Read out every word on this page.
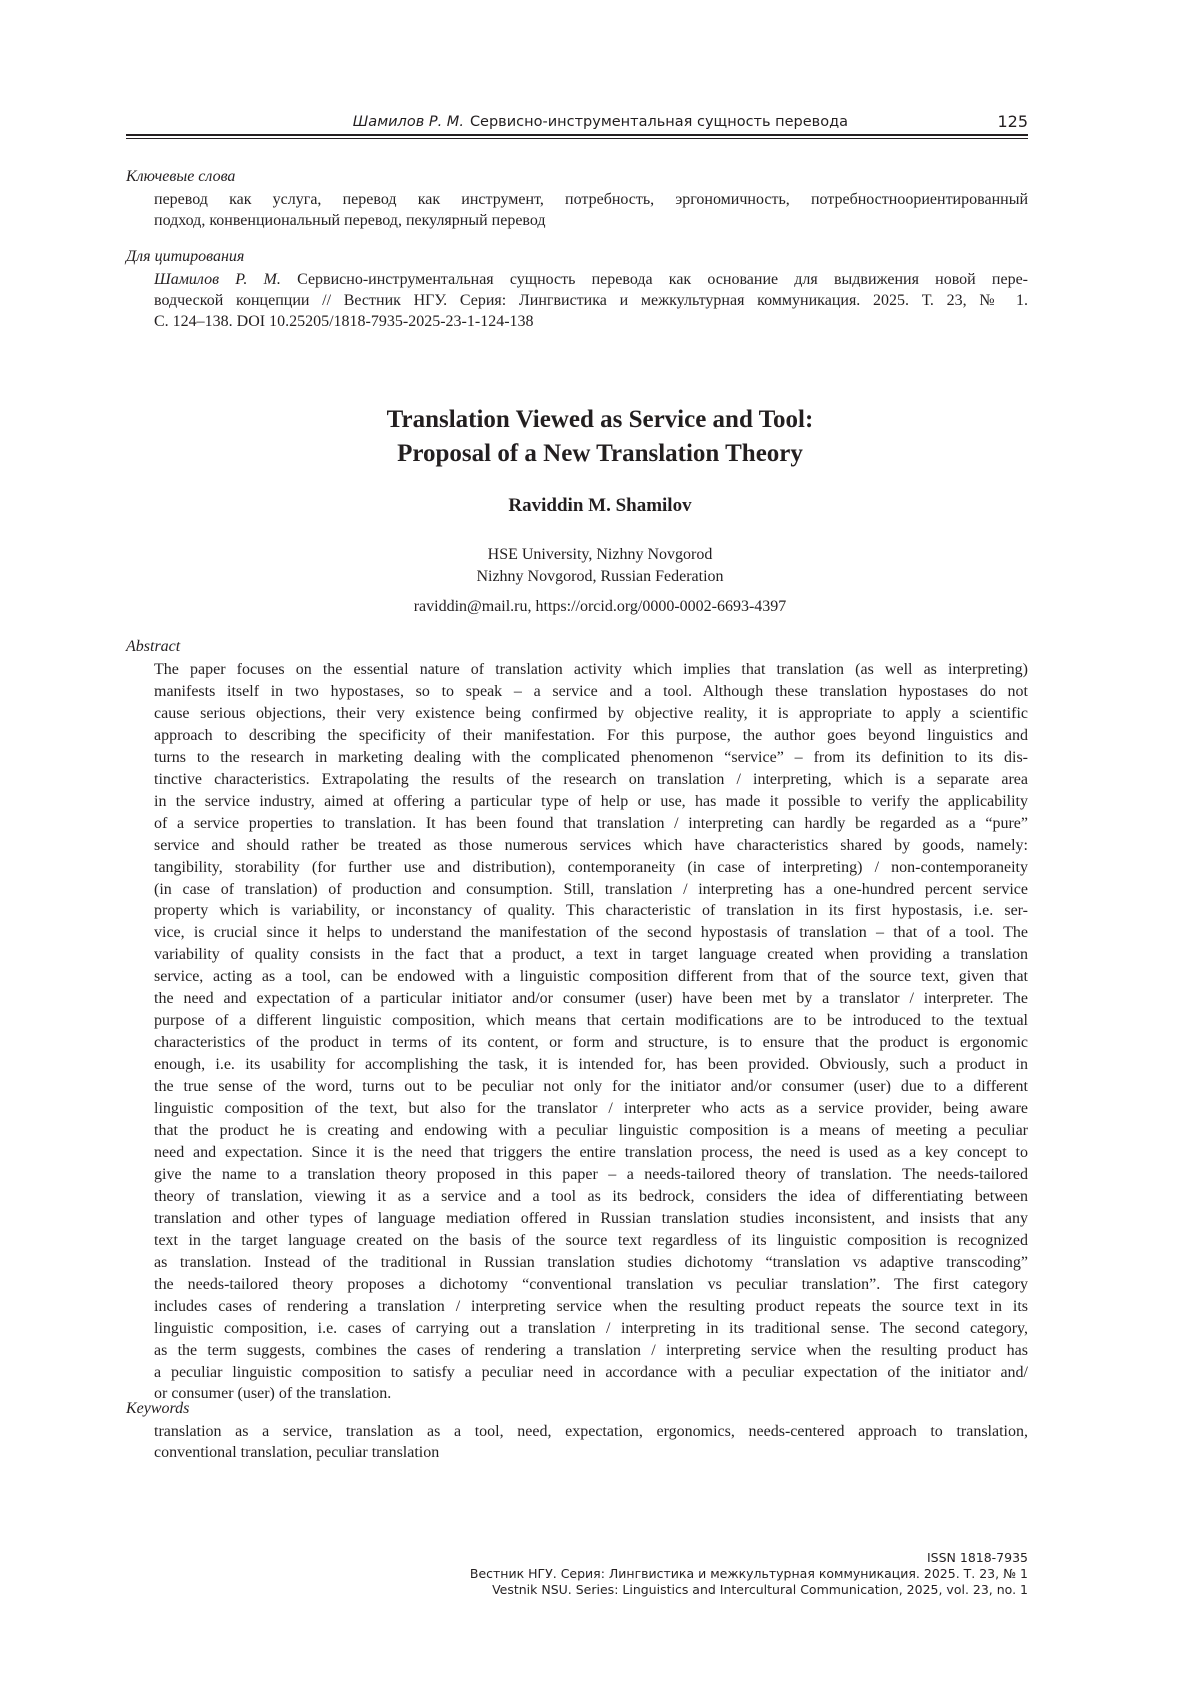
Шамилов Р. М. Сервисно-инструментальная сущность перевода	125
Ключевые слова
перевод как услуга, перевод как инструмент, потребность, эргономичность, потребностноориентированный
подход, конвенциональный перевод, пекулярный перевод
Для цитирования
Шамилов Р. М. Сервисно-инструментальная сущность перевода как основание для выдвижения новой пере-
водческой концепции // Вестник НГУ. Серия: Лингвистика и межкультурная коммуникация. 2025. Т. 23, № 1.
С. 124–138. DOI 10.25205/1818-7935-2025-23-1-124-138
Translation Viewed as Service and Tool:
Proposal of a New Translation Theory
Raviddin M. Shamilov
HSE University, Nizhny Novgorod
Nizhny Novgorod, Russian Federation
raviddin@mail.ru, https://orcid.org/0000-0002-6693-4397
Abstract
The paper focuses on the essential nature of translation activity which implies that translation (as well as interpreting)
manifests itself in two hypostases, so to speak – a service and a tool. Although these translation hypostases do not
cause serious objections, their very existence being confirmed by objective reality, it is appropriate to apply a scientific
approach to describing the specificity of their manifestation. For this purpose, the author goes beyond linguistics and
turns to the research in marketing dealing with the complicated phenomenon “service” – from its definition to its dis-
tinctive characteristics. Extrapolating the results of the research on translation / interpreting, which is a separate area
in the service industry, aimed at offering a particular type of help or use, has made it possible to verify the applicability
of a service properties to translation. It has been found that translation / interpreting can hardly be regarded as a “pure”
service and should rather be treated as those numerous services which have characteristics shared by goods, namely:
tangibility, storability (for further use and distribution), contemporaneity (in case of interpreting) / non-contemporaneity
(in case of translation) of production and consumption. Still, translation / interpreting has a one-hundred percent service
property which is variability, or inconstancy of quality. This characteristic of translation in its first hypostasis, i.e. ser-
vice, is crucial since it helps to understand the manifestation of the second hypostasis of translation – that of a tool. The
variability of quality consists in the fact that a product, a text in target language created when providing a translation
service, acting as a tool, can be endowed with a linguistic composition different from that of the source text, given that
the need and expectation of a particular initiator and/or consumer (user) have been met by a translator / interpreter. The
purpose of a different linguistic composition, which means that certain modifications are to be introduced to the textual
characteristics of the product in terms of its content, or form and structure, is to ensure that the product is ergonomic
enough, i.e. its usability for accomplishing the task, it is intended for, has been provided. Obviously, such a product in
the true sense of the word, turns out to be peculiar not only for the initiator and/or consumer (user) due to a different
linguistic composition of the text, but also for the translator / interpreter who acts as a service provider, being aware
that the product he is creating and endowing with a peculiar linguistic composition is a means of meeting a peculiar
need and expectation. Since it is the need that triggers the entire translation process, the need is used as a key concept to
give the name to a translation theory proposed in this paper – a needs-tailored theory of translation. The needs-tailored
theory of translation, viewing it as a service and a tool as its bedrock, considers the idea of differentiating between
translation and other types of language mediation offered in Russian translation studies inconsistent, and insists that any
text in the target language created on the basis of the source text regardless of its linguistic composition is recognized
as translation. Instead of the traditional in Russian translation studies dichotomy “translation vs adaptive transcoding”
the needs-tailored theory proposes a dichotomy “conventional translation vs peculiar translation”. The first category
includes cases of rendering a translation / interpreting service when the resulting product repeats the source text in its
linguistic composition, i.e. cases of carrying out a translation / interpreting in its traditional sense. The second category,
as the term suggests, combines the cases of rendering a translation / interpreting service when the resulting product has
a peculiar linguistic composition to satisfy a peculiar need in accordance with a peculiar expectation of the initiator and/
or consumer (user) of the translation.
Keywords
translation as a service, translation as a tool, need, expectation, ergonomics, needs-centered approach to translation,
conventional translation, peculiar translation
ISSN 1818-7935
Вестник НГУ. Серия: Лингвистика и межкультурная коммуникация. 2025. Т. 23, № 1
Vestnik NSU. Series: Linguistics and Intercultural Communication, 2025, vol. 23, no. 1
